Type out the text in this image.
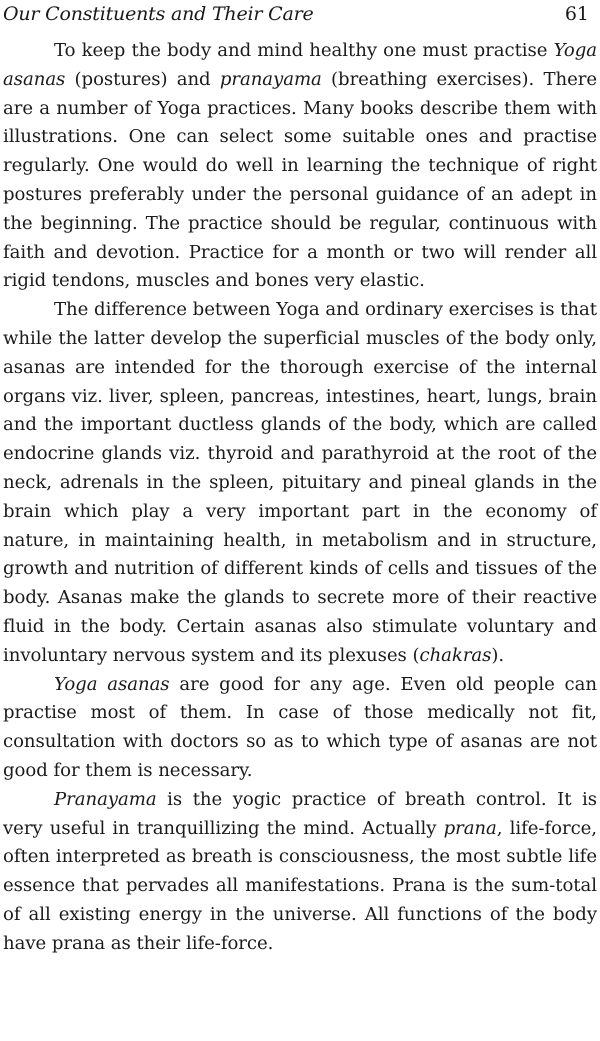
Our Constituents and Their Care	61

To keep the body and mind healthy one must practise Yoga asanas (postures) and pranayama (breathing exercises). There are a number of Yoga practices. Many books describe them with illustrations. One can select some suitable ones and practise regularly. One would do well in learning the technique of right postures preferably under the personal guidance of an adept in the beginning. The practice should be regular, continuous with faith and devotion. Practice for a month or two will render all rigid tendons, muscles and bones very elastic.

The difference between Yoga and ordinary exercises is that while the latter develop the superficial muscles of the body only, asanas are intended for the thorough exercise of the internal organs viz. liver, spleen, pancreas, intestines, heart, lungs, brain and the important ductless glands of the body, which are called endocrine glands viz. thyroid and parathyroid at the root of the neck, adrenals in the spleen, pituitary and pineal glands in the brain which play a very important part in the economy of nature, in maintaining health, in metabolism and in structure, growth and nutrition of different kinds of cells and tissues of the body. Asanas make the glands to secrete more of their reactive fluid in the body. Certain asanas also stimulate voluntary and involuntary nervous system and its plexuses (chakras).

Yoga asanas are good for any age. Even old people can practise most of them. In case of those medically not fit, consultation with doctors so as to which type of asanas are not good for them is necessary.

Pranayama is the yogic practice of breath control. It is very useful in tranquillizing the mind. Actually prana, life-force, often interpreted as breath is consciousness, the most subtle life essence that pervades all manifestations. Prana is the sum-total of all existing energy in the universe. All functions of the body have prana as their life-force.
